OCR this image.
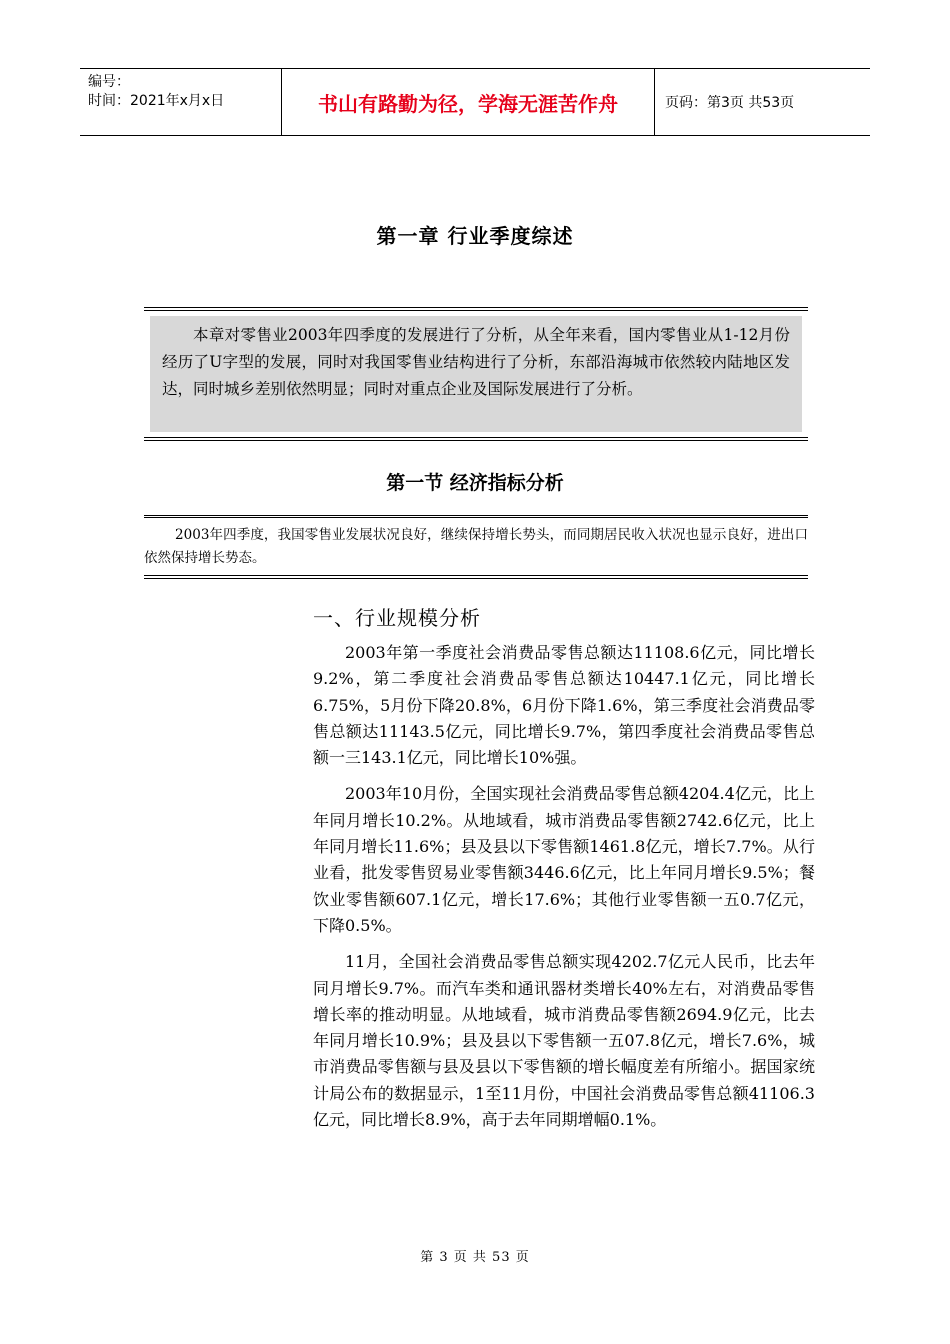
编号：
时间：2021年x月x日	书山有路勤为径，学海无涯苦作舟	页码：第3页 共53页
第一章 行业季度综述
本章对零售业2003年四季度的发展进行了分析，从全年来看，国内零售业从1-12月份经历了U字型的发展，同时对我国零售业结构进行了分析，东部沿海城市依然较内陆地区发达，同时城乡差别依然明显；同时对重点企业及国际发展进行了分析。
第一节 经济指标分析
2003年四季度，我国零售业发展状况良好，继续保持增长势头，而同期居民收入状况也显示良好，进出口依然保持增长势态。
一、行业规模分析

2003年第一季度社会消费品零售总额达11108.6亿元，同比增长9.2%，第二季度社会消费品零售总额达10447.1亿元，同比增长6.75%，5月份下降20.8%，6月份下降1.6%，第三季度社会消费品零售总额达11143.5亿元，同比增长9.7%，第四季度社会消费品零售总额一三143.1亿元，同比增长10%强。

2003年10月份，全国实现社会消费品零售总额4204.4亿元，比上年同月增长10.2%。从地域看，城市消费品零售额2742.6亿元，比上年同月增长11.6%；县及县以下零售额1461.8亿元，增长7.7%。从行业看，批发零售贸易业零售额3446.6亿元，比上年同月增长9.5%；餐饮业零售额607.1亿元，增长17.6%；其他行业零售额一五0.7亿元，下降0.5%。

11月，全国社会消费品零售总额实现4202.7亿元人民币，比去年同月增长9.7%。而汽车类和通讯器材类增长40%左右，对消费品零售增长率的推动明显。从地域看，城市消费品零售额2694.9亿元，比去年同月增长10.9%；县及县以下零售额一五07.8亿元，增长7.6%，城市消费品零售额与县及县以下零售额的增长幅度差有所缩小。据国家统计局公布的数据显示，1至11月份，中国社会消费品零售总额41106.3亿元，同比增长8.9%，高于去年同期增幅0.1%。

第 3 页 共 53 页
